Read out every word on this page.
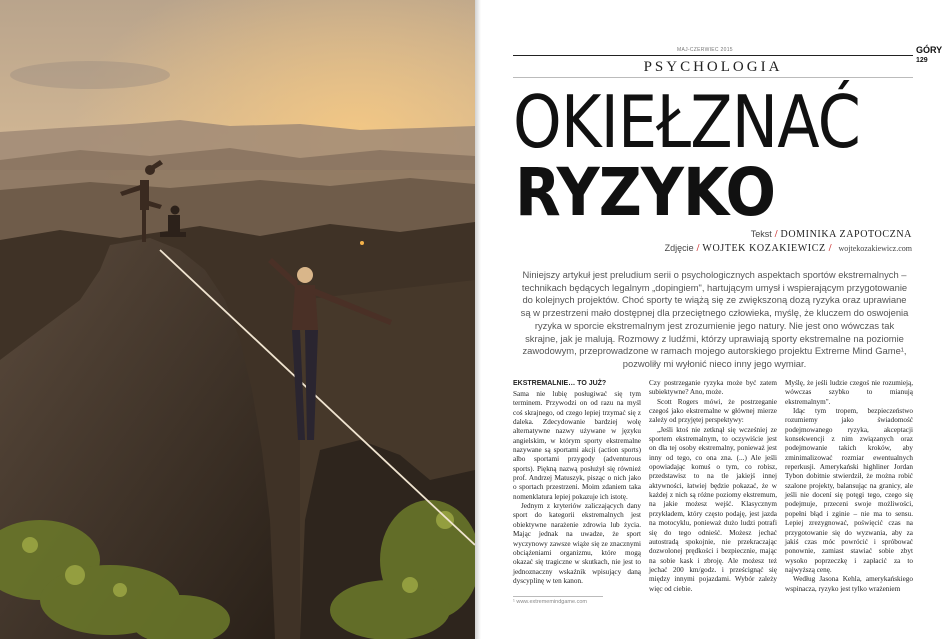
MAJ-CZERWIEC 2015	GÓRY
129
PSYCHOLOGIA
OKIEŁZNAĆ
RYZYKO
Tekst / DOMINIKA ZAPOTOCZNA
Zdjęcie / WOJTEK KOZAKIEWICZ / wojtekozakiewicz.com

Niniejszy artykuł jest preludium serii o psychologicznych aspektach sportów ekstremalnych – technikach będących legalnym „dopingiem", hartującym umysł i wspierającym przygotowanie do kolejnych projektów. Choć sporty te wiążą się ze zwiększoną dozą ryzyka oraz uprawiane są w przestrzeni mało dostępnej dla przeciętnego człowieka, myślę, że kluczem do oswojenia ryzyka w sporcie ekstremalnym jest zrozumienie jego natury. Nie jest ono wówczas tak skrajne, jak je malują. Rozmowy z ludźmi, którzy uprawiają sporty ekstremalne na poziomie zawodowym, przeprowadzone w ramach mojego autorskiego projektu Extreme Mind Game¹, pozwoliły mi wyłonić nieco inny jego wymiar.

EKSTREMALNIE… TO JUŻ?
Sama nie lubię posługiwać się tym terminem. Przywodzi on od razu na myśl coś skrajnego, od czego lepiej trzymać się z daleka. Zdecydowanie bardziej wolę alternatywne nazwy używane w języku angielskim, w którym sporty ekstremalne nazywane są sportami akcji (action sports) albo sportami przygody (adventurous sports). Piękną nazwą posłużył się również prof. Andrzej Matuszyk, pisząc o nich jako o sportach przestrzeni. Moim zdaniem taka nomenklatura lepiej pokazuje ich istotę.

Jednym z kryteriów zaliczających dany sport do kategorii ekstremalnych jest obiektywne narażenie zdrowia lub życia. Mając jednak na uwadze, że sport wyczynowy zawsze wiąże się ze znacznymi obciążeniami organizmu, które mogą okazać się tragiczne w skutkach, nie jest to jednoznaczny wskaźnik wpisujący daną dyscyplinę w ten kanon.

Czy postrzeganie ryzyka może być zatem subiektywne? Ano, może.

Scott Rogers mówi, że postrzeganie czegoś jako ekstremalne w głównej mierze zależy od przyjętej perspektywy:

„Jeśli ktoś nie zetknął się wcześniej ze sportem ekstremalnym, to oczywiście jest on dla tej osoby ekstremalny, ponieważ jest inny od tego, co ona zna. (...) Ale jeśli opowiadając komuś o tym, co robisz, przedstawisz to na tle jakiejś innej aktywności, łatwiej będzie pokazać, że w każdej z nich są różne poziomy ekstremum, na jakie możesz wejść. Klasycznym przykładem, który często podaję, jest jazda na motocyklu, ponieważ dużo ludzi potrafi się do tego odnieść. Możesz jechać autostradą spokojnie, nie przekraczając dozwolonej prędkości i bezpiecznie, mając na sobie kask i zbroję. Ale możesz też jechać 200 km/godz. i prześcignąć się między innymi pojazdami. Wybór zależy więc od ciebie.

Myślę, że jeśli ludzie czegoś nie rozumieją, wówczas szybko to mianują ekstremalnym".

Idąc tym tropem, bezpieczeństwo rozumiemy jako świadomość podejmowanego ryzyka, akceptacji konsekwencji z nim związanych oraz podejmowanie takich kroków, aby zminimalizować rozmiar ewentualnych reperkusji. Amerykański highliner Jordan Tybon dobitnie stwierdził, że można robić szalone projekty, balansując na granicy, ale jeśli nie docení się potęgi tego, czego się podejmuje, przeceni swoje możliwości, popełni błąd i zginie – nie ma to sensu. Lepiej zrezygnować, poświęcić czas na przygotowanie się do wyzwania, aby za jakiś czas móc powrócić i spróbować ponownie, zamiast stawiać sobie zbyt wysoko poprzeczkę i zapłacić za to najwyższą cenę.

Według Jasona Kehla, amerykańskiego wspinacza, ryzyko jest tylko wrażeniem

¹ www.extrememindgame.com
